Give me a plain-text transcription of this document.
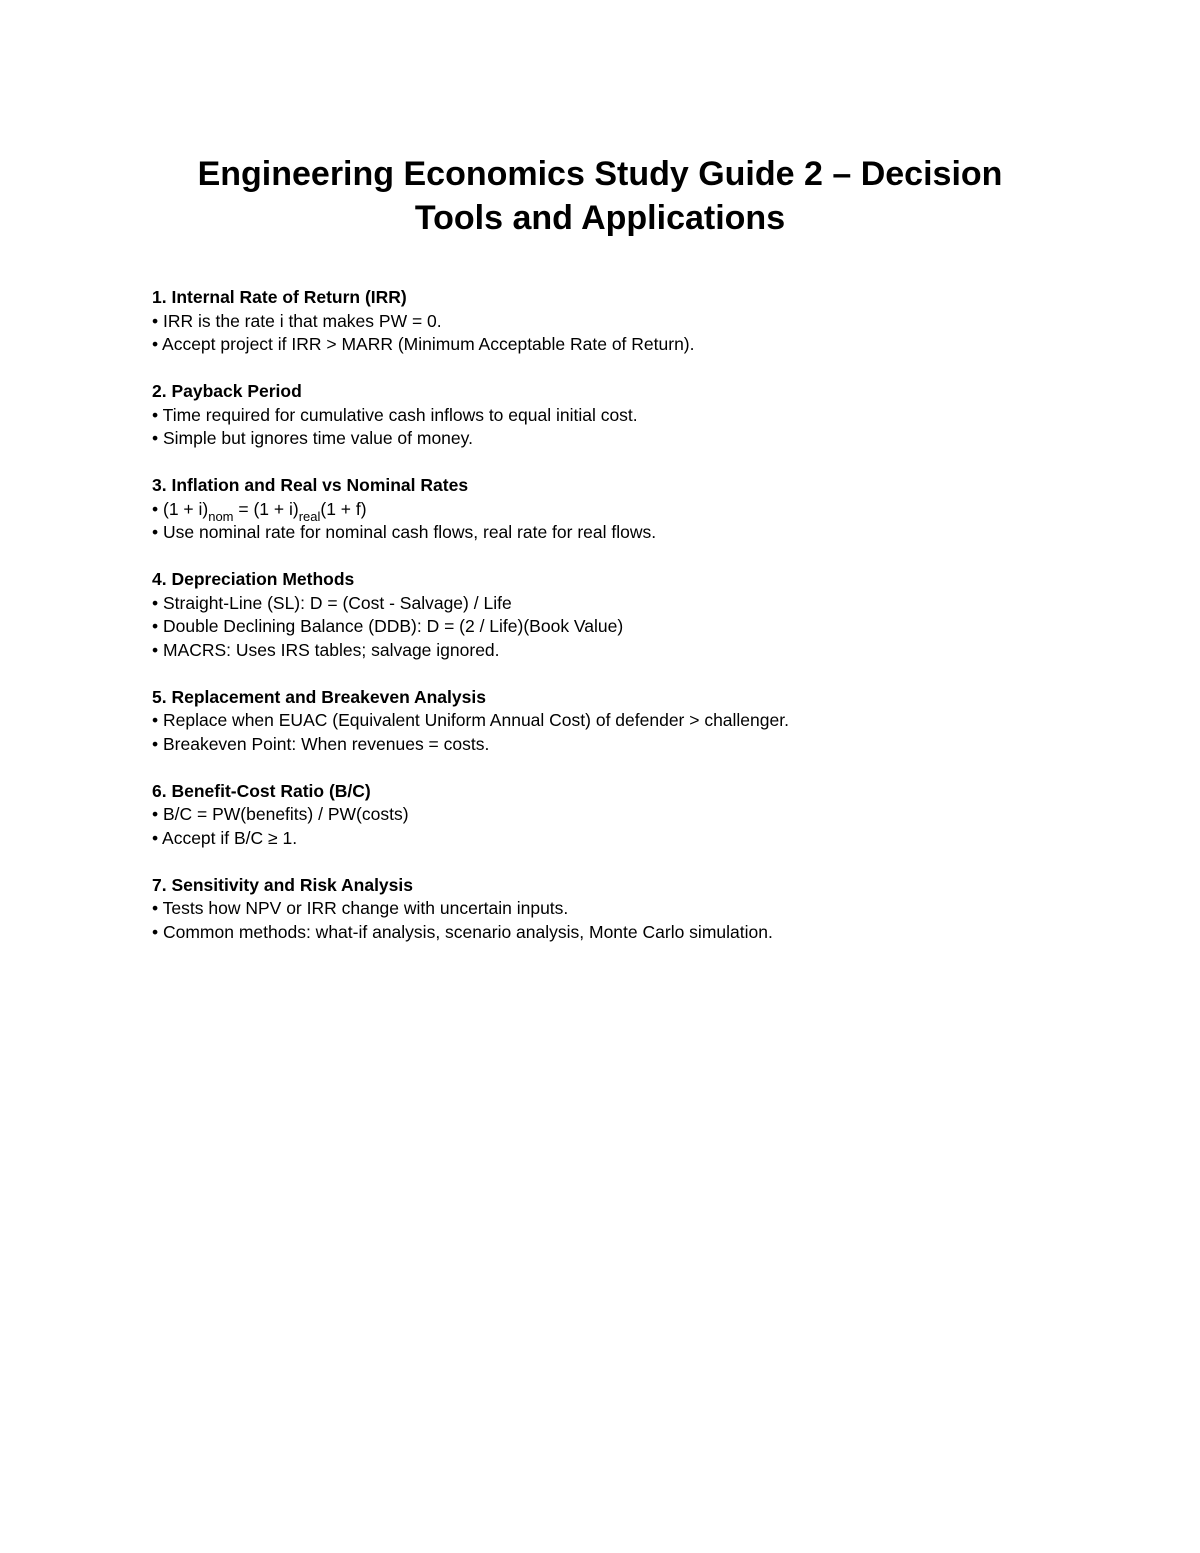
Engineering Economics Study Guide 2 – Decision
Tools and Applications

1. Internal Rate of Return (IRR)

• IRR is the rate i that makes PW = 0.

• Accept project if IRR > MARR (Minimum Acceptable Rate of Return).

2. Payback Period

• Time required for cumulative cash inflows to equal initial cost.

• Simple but ignores time value of money.

3. Inflation and Real vs Nominal Rates

• $(1 + i)_{nom} = (1 + i)_{real}(1 + f)$

• Use nominal rate for nominal cash flows, real rate for real flows.

4. Depreciation Methods

• Straight-Line (SL): D = (Cost - Salvage) / Life

• Double Declining Balance (DDB): D = (2 / Life)(Book Value)

• MACRS: Uses IRS tables; salvage ignored.

5. Replacement and Breakeven Analysis

• Replace when EUAC (Equivalent Uniform Annual Cost) of defender > challenger.

• Breakeven Point: When revenues = costs.

6. Benefit-Cost Ratio (B/C)

• B/C = PW(benefits) / PW(costs)

• Accept if B/C ≥ 1.

7. Sensitivity and Risk Analysis

• Tests how NPV or IRR change with uncertain inputs.

• Common methods: what-if analysis, scenario analysis, Monte Carlo simulation.
